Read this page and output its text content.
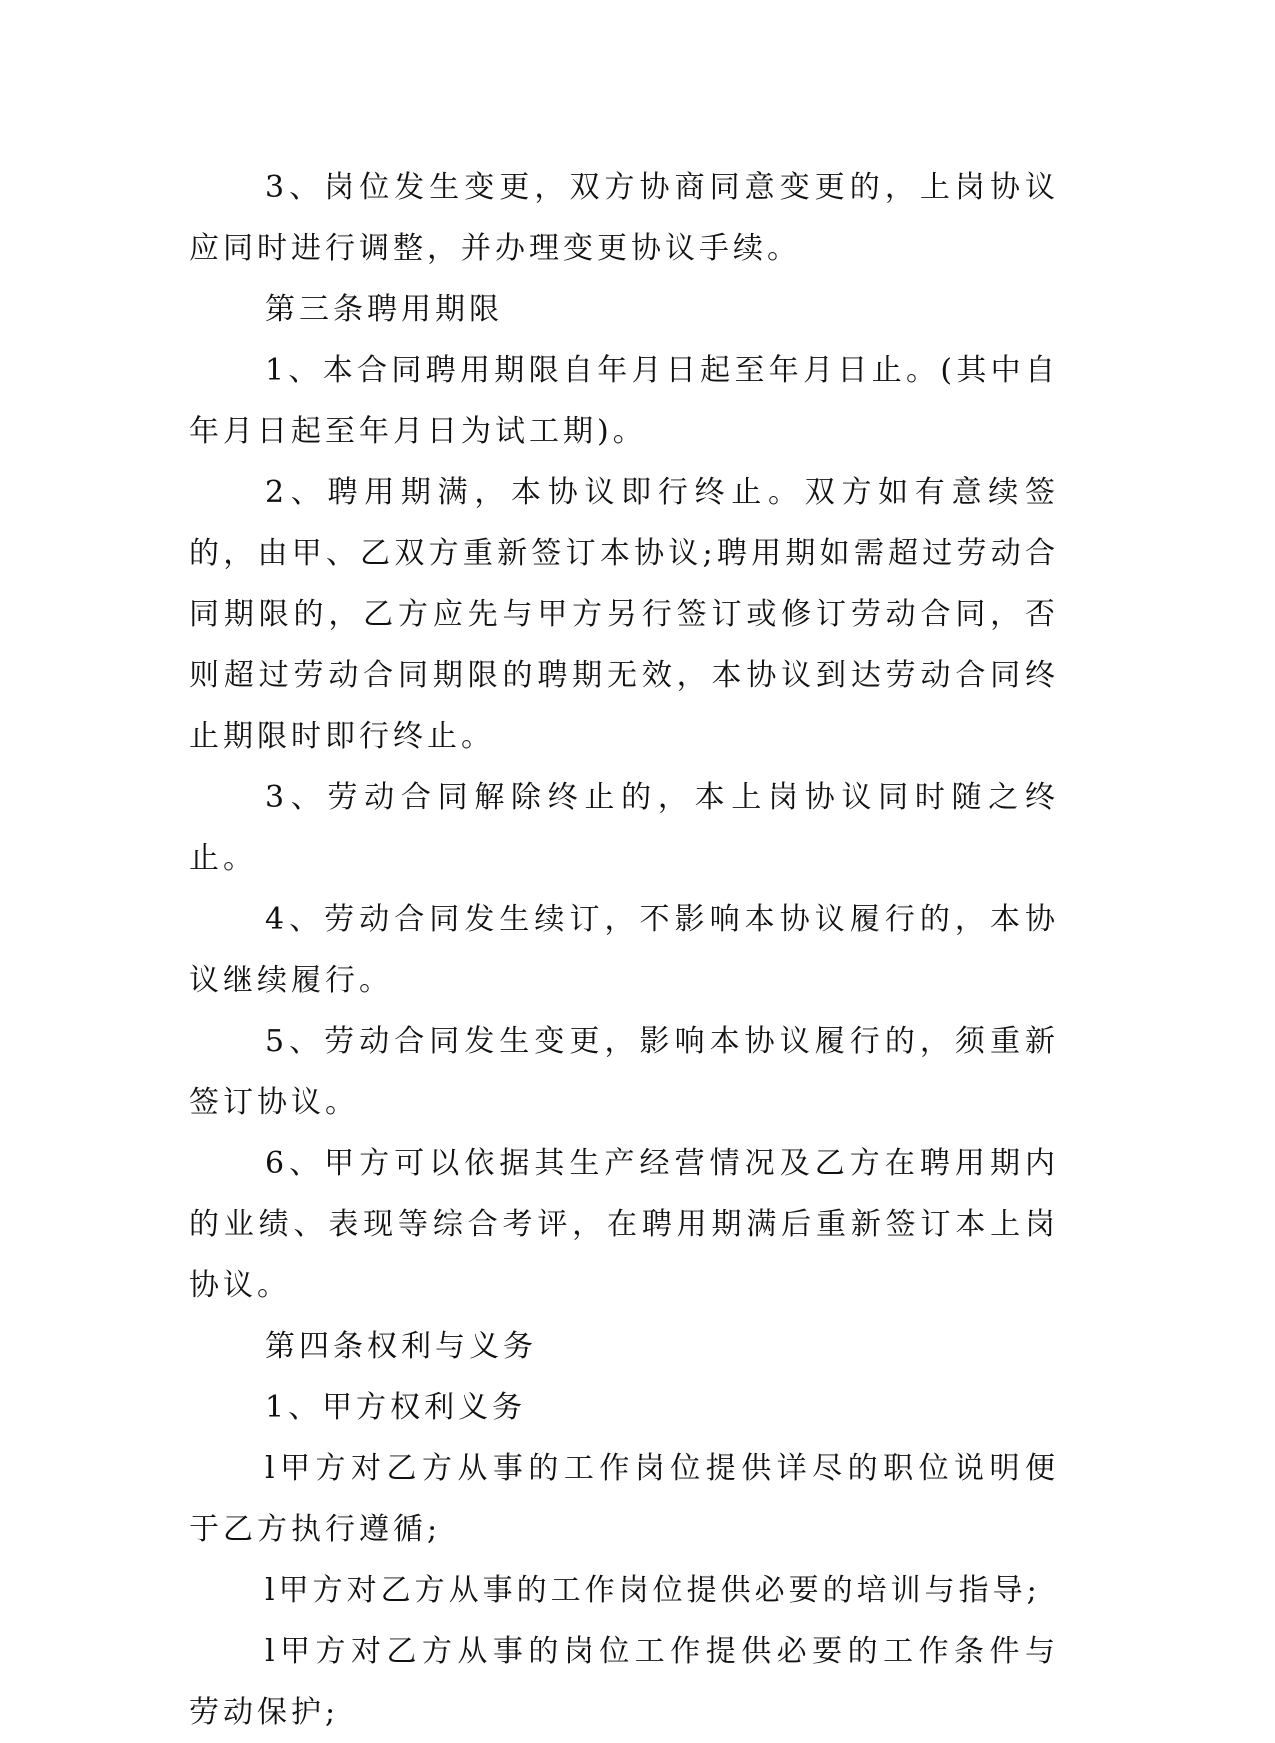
3、岗位发生变更，双方协商同意变更的，上岗协议应同时进行调整，并办理变更协议手续。

第三条聘用期限

1、本合同聘用期限自年月日起至年月日止。(其中自年月日起至年月日为试工期)。

2、聘用期满，本协议即行终止。双方如有意续签的，由甲、乙双方重新签订本协议;聘用期如需超过劳动合同期限的，乙方应先与甲方另行签订或修订劳动合同，否则超过劳动合同期限的聘期无效，本协议到达劳动合同终止期限时即行终止。

3、劳动合同解除终止的，本上岗协议同时随之终止。

4、劳动合同发生续订，不影响本协议履行的，本协议继续履行。

5、劳动合同发生变更，影响本协议履行的，须重新签订协议。

6、甲方可以依据其生产经营情况及乙方在聘用期内的业绩、表现等综合考评，在聘用期满后重新签订本上岗协议。

第四条权利与义务

1、甲方权利义务

l甲方对乙方从事的工作岗位提供详尽的职位说明便于乙方执行遵循;

l甲方对乙方从事的工作岗位提供必要的培训与指导;

l甲方对乙方从事的岗位工作提供必要的工作条件与劳动保护;
